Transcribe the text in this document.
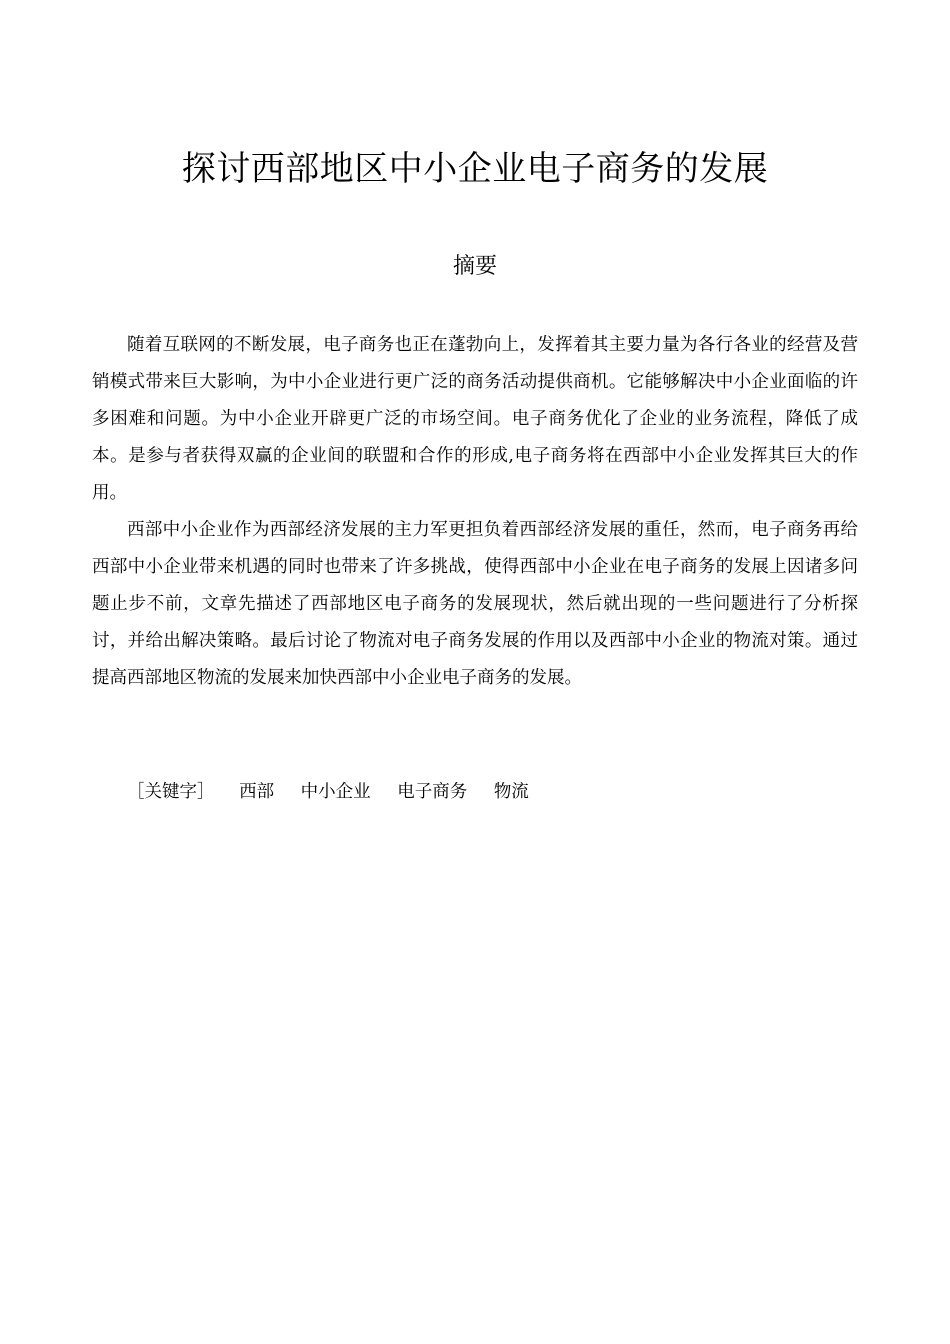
探讨西部地区中小企业电子商务的发展
摘要

随着互联网的不断发展，电子商务也正在蓬勃向上，发挥着其主要力量为各行各业的经营及营销模式带来巨大影响，为中小企业进行更广泛的商务活动提供商机。它能够解决中小企业面临的许多困难和问题。为中小企业开辟更广泛的市场空间。电子商务优化了企业的业务流程，降低了成本。是参与者获得双赢的企业间的联盟和合作的形成,电子商务将在西部中小企业发挥其巨大的作用。

西部中小企业作为西部经济发展的主力军更担负着西部经济发展的重任，然而，电子商务再给西部中小企业带来机遇的同时也带来了许多挑战，使得西部中小企业在电子商务的发展上因诸多问题止步不前，文章先描述了西部地区电子商务的发展现状，然后就出现的一些问题进行了分析探讨，并给出解决策略。最后讨论了物流对电子商务发展的作用以及西部中小企业的物流对策。通过提高西部地区物流的发展来加快西部中小企业电子商务的发展。

［关键字］ 西部 中小企业 电子商务 物流
